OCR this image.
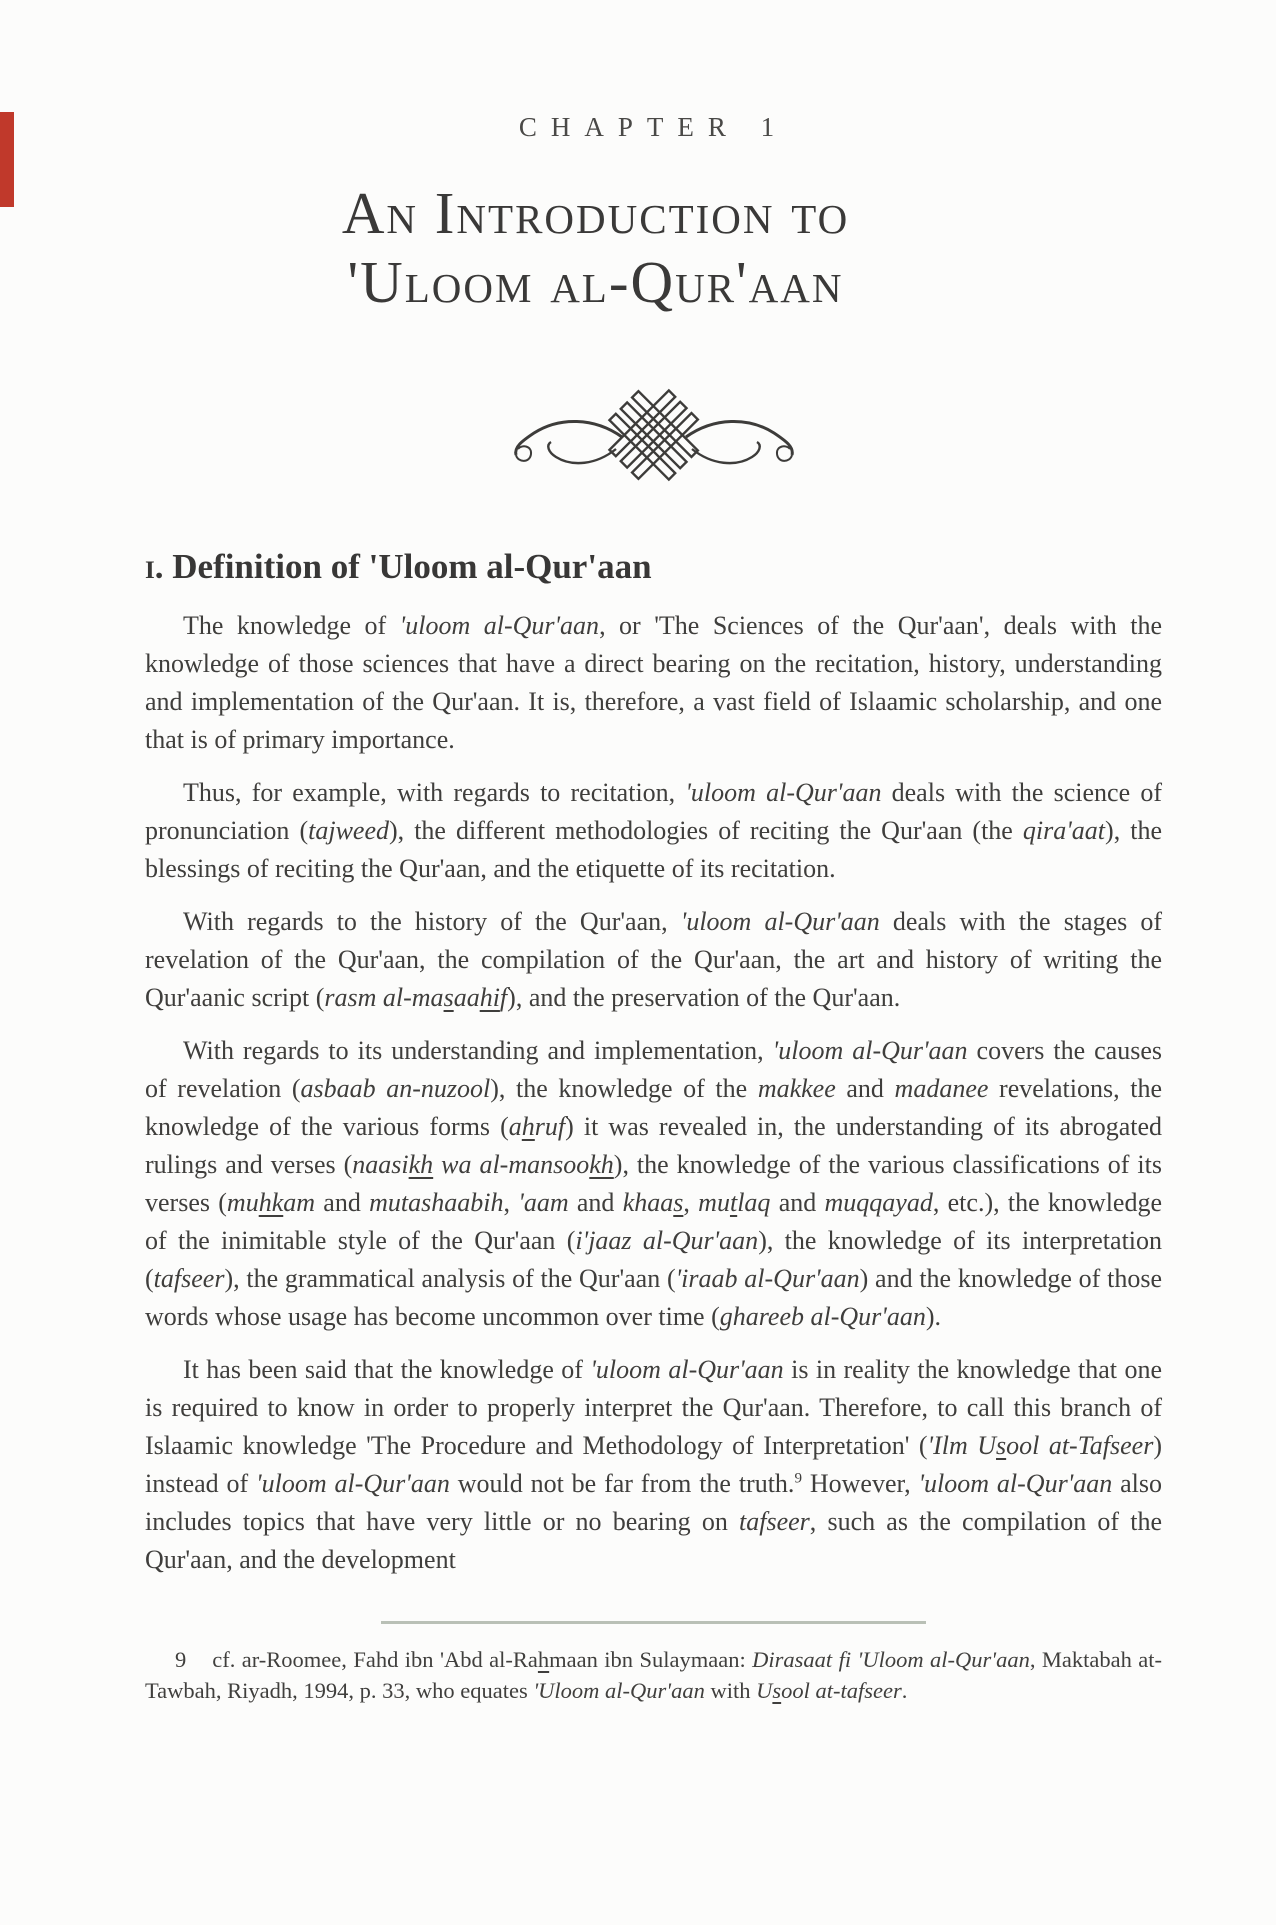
CHAPTER 1
An Introduction to
'Uloom al-Qur'aan
i. Definition of 'Uloom al-Qur'aan

The knowledge of 'uloom al-Qur'aan, or 'The Sciences of the Qur'aan', deals with the knowledge of those sciences that have a direct bearing on the recitation, history, understanding and implementation of the Qur'aan. It is, therefore, a vast field of Islaamic scholarship, and one that is of primary importance.

Thus, for example, with regards to recitation, 'uloom al-Qur'aan deals with the science of pronunciation (tajweed), the different methodologies of reciting the Qur'aan (the qira'aat), the blessings of reciting the Qur'aan, and the etiquette of its recitation.

With regards to the history of the Qur'aan, 'uloom al-Qur'aan deals with the stages of revelation of the Qur'aan, the compilation of the Qur'aan, the art and history of writing the Qur'aanic script (rasm al-masaahif), and the preservation of the Qur'aan.

With regards to its understanding and implementation, 'uloom al-Qur'aan covers the causes of revelation (asbaab an-nuzool), the knowledge of the makkee and madanee revelations, the knowledge of the various forms (ahruf) it was revealed in, the understanding of its abrogated rulings and verses (naasikh wa al-mansookh), the knowledge of the various classifications of its verses (muhkam and mutashaabih, 'aam and khaas, mutlaq and muqqayad, etc.), the knowledge of the inimitable style of the Qur'aan (i'jaaz al-Qur'aan), the knowledge of its interpretation (tafseer), the grammatical analysis of the Qur'aan ('iraab al-Qur'aan) and the knowledge of those words whose usage has become uncommon over time (ghareeb al-Qur'aan).

It has been said that the knowledge of 'uloom al-Qur'aan is in reality the knowledge that one is required to know in order to properly interpret the Qur'aan. Therefore, to call this branch of Islaamic knowledge 'The Procedure and Methodology of Interpretation' ('Ilm Usool at-Tafseer) instead of 'uloom al-Qur'aan would not be far from the truth.$^9$ However, 'uloom al-Qur'aan also includes topics that have very little or no bearing on tafseer, such as the compilation of the Qur'aan, and the development

9 cf. ar-Roomee, Fahd ibn 'Abd al-Rahmaan ibn Sulaymaan: Dirasaat fi 'Uloom al-Qur'aan, Maktabah at-Tawbah, Riyadh, 1994, p. 33, who equates 'Uloom al-Qur'aan with Usool at-tafseer.
